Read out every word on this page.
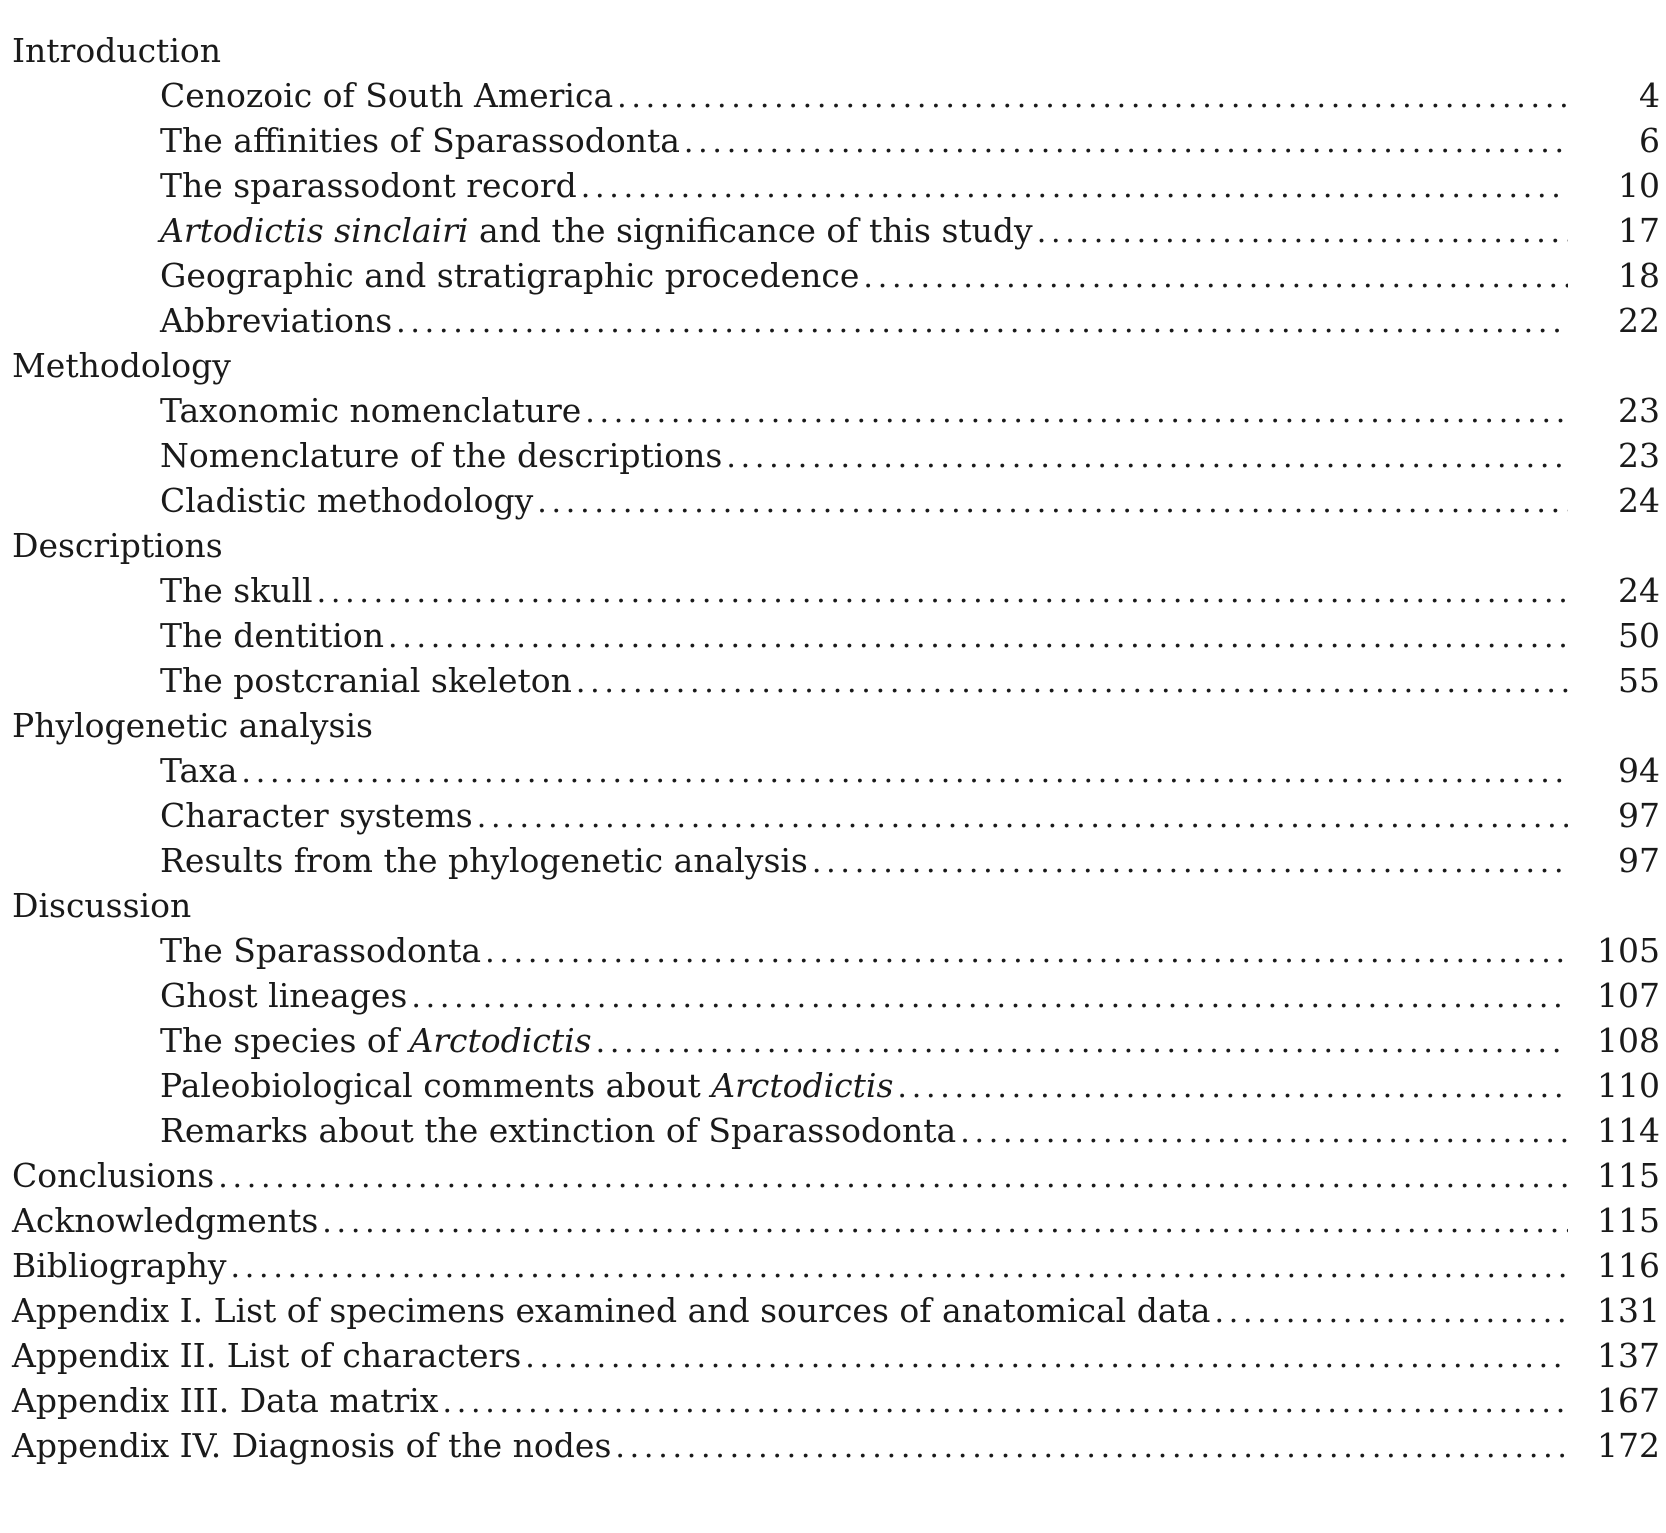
Introduction
Cenozoic of South America . . .	4
The affinities of Sparassodonta . . .	6
The sparassodont record . . .	10
Artodictis sinclairi and the significance of this study . . .	17
Geographic and stratigraphic procedence . . .	18
Abbreviations . . .	22
Methodology
Taxonomic nomenclature . . .	23
Nomenclature of the descriptions . . .	23
Cladistic methodology . . .	24
Descriptions
The skull . . .	24
The dentition . . .	50
The postcranial skeleton . . .	55
Phylogenetic analysis
Taxa . . .	94
Character systems . . .	97
Results from the phylogenetic analysis . . .	97
Discussion
The Sparassodonta . . .	105
Ghost lineages . . .	107
The species of Arctodictis . . .	108
Paleobiological comments about Arctodictis . . .	110
Remarks about the extinction of Sparassodonta . . .	114
Conclusions . . .	115
Acknowledgments . . .	115
Bibliography . . .	116
Appendix I. List of specimens examined and sources of anatomical data . . .	131
Appendix II. List of characters . . .	137
Appendix III. Data matrix . . .	167
Appendix IV. Diagnosis of the nodes . . .	172
